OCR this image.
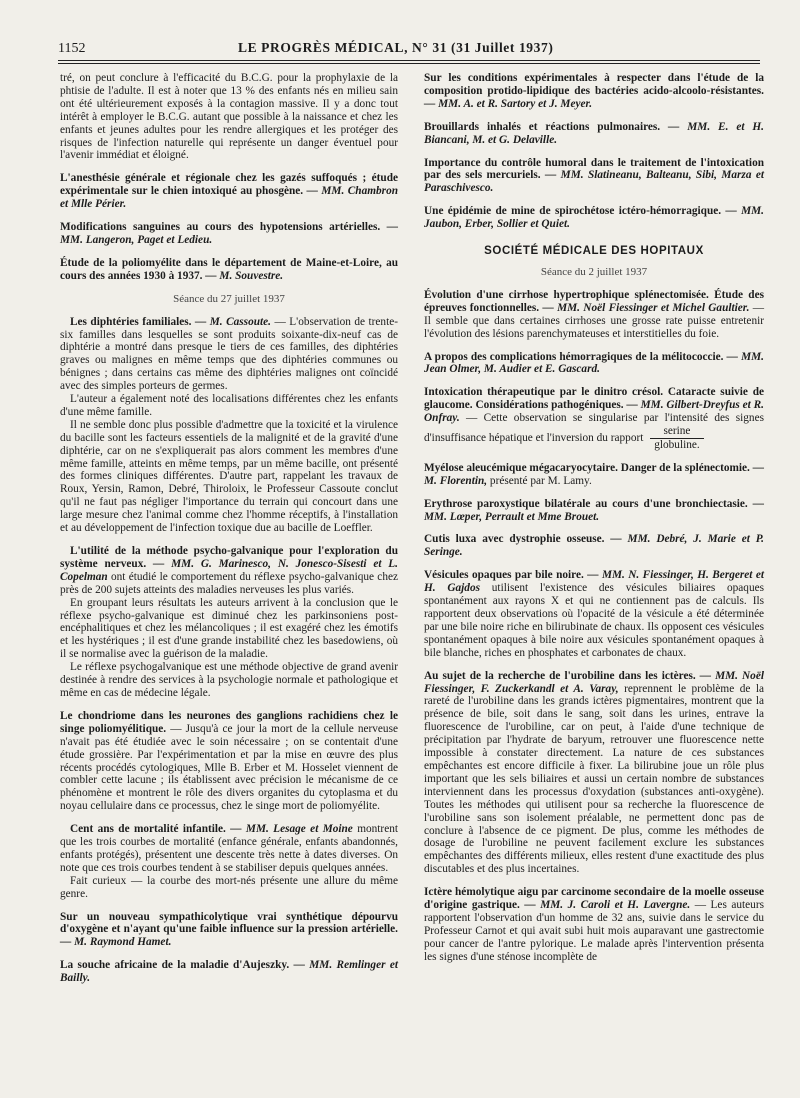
1152	LE PROGRÈS MÉDICAL, N° 31 (31 Juillet 1937)

tré, on peut conclure à l'efficacité du B.C.G. pour la prophylaxie de la phtisie de l'adulte. Il est à noter que 13 % des enfants nés en milieu sain ont été ultérieurement exposés à la contagion massive. Il y a donc tout intérêt à employer le B.C.G. autant que possible à la naissance et chez les enfants et jeunes adultes pour les rendre allergiques et les protéger des risques de l'infection naturelle qui représente un danger éventuel pour l'avenir immédiat et éloigné.

L'anesthésie générale et régionale chez les gazés suffoqués ; étude expérimentale sur le chien intoxiqué au phosgène. — MM. Chambron et Mlle Périer.

Modifications sanguines au cours des hypotensions artérielles. — MM. Langeron, Paget et Ledieu.

Étude de la poliomyélite dans le département de Maine-et-Loire, au cours des années 1930 à 1937. — M. Souvestre.

Séance du 27 juillet 1937

Les diphtéries familiales. — M. Cassoute. — L'observation de trente-six familles dans lesquelles se sont produits soixante-dix-neuf cas de diphtérie a montré dans presque le tiers de ces familles, des diphtéries graves ou malignes en même temps que des diphtéries communes ou bénignes ; dans certains cas même des diphtéries malignes ont coïncidé avec des simples porteurs de germes.

L'auteur a également noté des localisations différentes chez les enfants d'une même famille.

Il ne semble donc plus possible d'admettre que la toxicité et la virulence du bacille sont les facteurs essentiels de la malignité et de la gravité d'une diphtérie, car on ne s'expliquerait pas alors comment les membres d'une même famille, atteints en même temps, par un même bacille, ont présenté des formes cliniques différentes. D'autre part, rappelant les travaux de Roux, Yersin, Ramon, Debré, Thiroloix, le Professeur Cassoute conclut qu'il ne faut pas négliger l'importance du terrain qui concourt dans une large mesure chez l'animal comme chez l'homme réceptifs, à l'installation et au développement de l'infection toxique due au bacille de Loeffler.

L'utilité de la méthode psycho-galvanique pour l'exploration du système nerveux. — MM. G. Marinesco, N. Jonesco-Sisesti et L. Copelman ont étudié le comportement du réflexe psycho-galvanique chez près de 200 sujets atteints des maladies nerveuses les plus variés.

En groupant leurs résultats les auteurs arrivent à la conclusion que le réflexe psycho-galvanique est diminué chez les parkinsoniens post-encéphalitiques et chez les mélancoliques ; il est exagéré chez les émotifs et les hystériques ; il est d'une grande instabilité chez les basedowiens, où il se normalise avec la guérison de la maladie.

Le réflexe psychogalvanique est une méthode objective de grand avenir destinée à rendre des services à la psychologie normale et pathologique et même en cas de médecine légale.

Le chondriome dans les neurones des ganglions rachidiens chez le singe poliomyélitique. — Jusqu'à ce jour la mort de la cellule nerveuse n'avait pas été étudiée avec le soin nécessaire ; on se contentait d'une étude grossière. Par l'expérimentation et par la mise en œuvre des plus récents procédés cytologiques, Mlle B. Erber et M. Hosselet viennent de combler cette lacune ; ils établissent avec précision le mécanisme de ce phénomène et montrent le rôle des divers organites du cytoplasma et du noyau cellulaire dans ce processus, chez le singe mort de poliomyélite.

Cent ans de mortalité infantile. — MM. Lesage et Moine montrent que les trois courbes de mortalité (enfance générale, enfants abandonnés, enfants protégés), présentent une descente très nette à dates diverses. On note que ces trois courbes tendent à se stabiliser depuis quelques années.

Fait curieux — la courbe des mort-nés présente une allure du même genre.

Sur un nouveau sympathicolytique vrai synthétique dépourvu d'oxygène et n'ayant qu'une faible influence sur la pression artérielle. — M. Raymond Hamet.

La souche africaine de la maladie d'Aujeszky. — MM. Remlinger et Bailly.

Sur les conditions expérimentales à respecter dans l'étude de la composition protido-lipidique des bactéries acido-alcoolo-résistantes. — MM. A. et R. Sartory et J. Meyer.

Brouillards inhalés et réactions pulmonaires. — MM. E. et H. Biancani, M. et G. Delaville.

Importance du contrôle humoral dans le traitement de l'intoxication par des sels mercuriels. — MM. Slatineanu, Balteanu, Sibi, Marza et Paraschivesco.

Une épidémie de mine de spirochétose ictéro-hémorragique. — MM. Jaubon, Erber, Sollier et Quiet.

SOCIÉTÉ MÉDICALE DES HOPITAUX
Séance du 2 juillet 1937

Évolution d'une cirrhose hypertrophique splénectomisée. Étude des épreuves fonctionnelles. — MM. Noël Fiessinger et Michel Gaultier. — Il semble que dans certaines cirrhoses une grosse rate puisse entretenir l'évolution des lésions parenchymateuses et interstitielles du foie.

A propos des complications hémorragiques de la mélitococcie. — MM. Jean Olmer, M. Audier et E. Gascard.

Intoxication thérapeutique par le dinitro crésol. Cataracte suivie de glaucome. Considérations pathogéniques. — MM. Gilbert-Dreyfus et R. Onfray. — Cette observation se singularise par l'intensité des signes d'insuffisance hépatique et l'inversion du rapport $\frac{\text{serine}}{\text{globuline.}}$

Myélose aleucémique mégacaryocytaire. Danger de la splénectomie. — M. Florentin, présenté par M. Lamy.

Erythrose paroxystique bilatérale au cours d'une bronchiectasie. — MM. Lœper, Perrault et Mme Brouet.

Cutis luxa avec dystrophie osseuse. — MM. Debré, J. Marie et P. Seringe.

Vésicules opaques par bile noire. — MM. N. Fiessinger, H. Bergeret et H. Gajdos utilisent l'existence des vésicules biliaires opaques spontanément aux rayons X et qui ne contiennent pas de calculs. Ils rapportent deux observations où l'opacité de la vésicule a été déterminée par une bile noire riche en bilirubinate de chaux. Ils opposent ces vésicules spontanément opaques à bile noire aux vésicules spontanément opaques à bile blanche, riches en phosphates et carbonates de chaux.

Au sujet de la recherche de l'urobiline dans les ictères. — MM. Noël Fiessinger, F. Zuckerkandl et A. Varay, reprennent le problème de la rareté de l'urobiline dans les grands ictères pigmentaires, montrent que la présence de bile, soit dans le sang, soit dans les urines, entrave la fluorescence de l'urobiline, car on peut, à l'aide d'une technique de précipitation par l'hydrate de baryum, retrouver une fluorescence nette impossible à constater directement. La nature de ces substances empêchantes est encore difficile à fixer. La bilirubine joue un rôle plus important que les sels biliaires et aussi un certain nombre de substances interviennent dans les processus d'oxydation (substances anti-oxygène). Toutes les méthodes qui utilisent pour sa recherche la fluorescence de l'urobiline sans son isolement préalable, ne permettent donc pas de conclure à l'absence de ce pigment. De plus, comme les méthodes de dosage de l'urobiline ne peuvent facilement exclure les substances empêchantes des différents milieux, elles restent d'une exactitude des plus discutables et des plus incertaines.

Ictère hémolytique aigu par carcinome secondaire de la moelle osseuse d'origine gastrique. — MM. J. Caroli et H. Lavergne. — Les auteurs rapportent l'observation d'un homme de 32 ans, suivie dans le service du Professeur Carnot et qui avait subi huit mois auparavant une gastrectomie pour cancer de l'antre pylorique. Le malade après l'intervention présenta les signes d'une sténose incomplète de
